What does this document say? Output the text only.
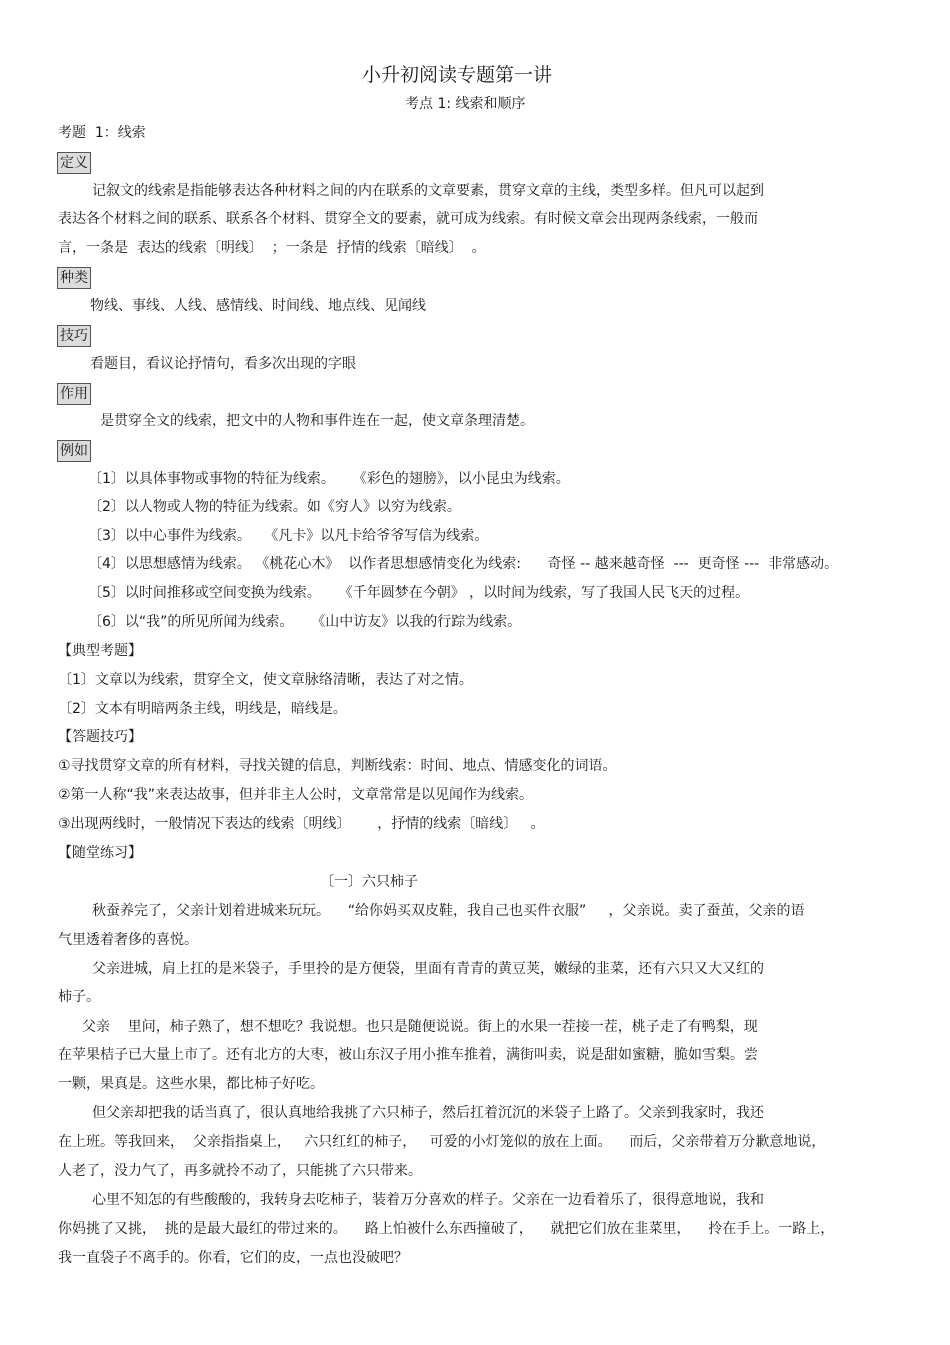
小升初阅读专题第一讲
考点 1: 线索和顺序
考题  1：线索
定义
记叙文的线索是指能够表达各种材料之间的内在联系的文章要素，贯穿文章的主线，类型多样。但凡可以起到
表达各个材料之间的联系、联系各个材料、贯穿全文的要素，就可成为线索。有时候文章会出现两条线索，一般而
言，一条是  表达的线索〔明线〕  ；一条是  抒情的线索〔暗线〕  。
种类
物线、事线、人线、感情线、时间线、地点线、见闻线
技巧
看题目，看议论抒情句，看多次出现的字眼
作用
是贯穿全文的线索，把文中的人物和事件连在一起，使文章条理清楚。
例如
〔1〕以具体事物或事物的特征为线索。    《彩色的翅膀》，以小昆虫为线索。
〔2〕以人物或人物的特征为线索。如《穷人》以穷为线索。
〔3〕以中心事件为线索。   《凡卡》以凡卡给爷爷写信为线索。
〔4〕以思想感情为线索。 《桃花心木》  以作者思想感情变化为线索:      奇怪 -- 越来越奇怪  ---  更奇怪 ---  非常感动。
〔5〕以时间推移或空间变换为线索。    《千年圆梦在今朝》 ，以时间为线索，写了我国人民飞天的过程。
〔6〕以“我”的所见所闻为线索。    《山中访友》以我的行踪为线索。
【典型考题】
〔1〕文章以为线索，贯穿全文，使文章脉络清晰，表达了对之情。
〔2〕文本有明暗两条主线，明线是，暗线是。
【答题技巧】
①寻找贯穿文章的所有材料，寻找关键的信息，判断线索：时间、地点、情感变化的词语。
②第一人称“我”来表达故事，但并非主人公时，文章常常是以见闻作为线索。
③出现两线时，一般情况下表达的线索〔明线〕      ，抒情的线索〔暗线〕   。
【随堂练习】
〔一〕六只柿子
秋蚕养完了，父亲计划着进城来玩玩。    “给你妈买双皮鞋，我自己也买件衣服”     ，父亲说。卖了蚕茧，父亲的语
气里透着奢侈的喜悦。
父亲进城，肩上扛的是米袋子，手里拎的是方便袋，里面有青青的黄豆荚，嫩绿的韭菜，还有六只又大又红的
柿子。
父亲    里问，柿子熟了，想不想吃？我说想。也只是随便说说。街上的水果一茬接一茬，桃子走了有鸭梨，现
在苹果桔子已大量上市了。还有北方的大枣，被山东汉子用小推车推着，满街叫卖，说是甜如蜜糖，脆如雪梨。尝
一颗，果真是。这些水果，都比柿子好吃。
但父亲却把我的话当真了，很认真地给我挑了六只柿子，然后扛着沉沉的米袋子上路了。父亲到我家时，我还
在上班。等我回来，  父亲指指桌上，   六只红红的柿子，   可爱的小灯笼似的放在上面。    而后，父亲带着万分歉意地说，
人老了，没力气了，再多就拎不动了，只能挑了六只带来。
心里不知怎的有些酸酸的，我转身去吃柿子，装着万分喜欢的样子。父亲在一边看着乐了，很得意地说，我和
你妈挑了又挑，  挑的是最大最红的带过来的。    路上怕被什么东西撞破了，    就把它们放在韭菜里，    拎在手上。一路上，
我一直袋子不离手的。你看，它们的皮，一点也没破吧？
